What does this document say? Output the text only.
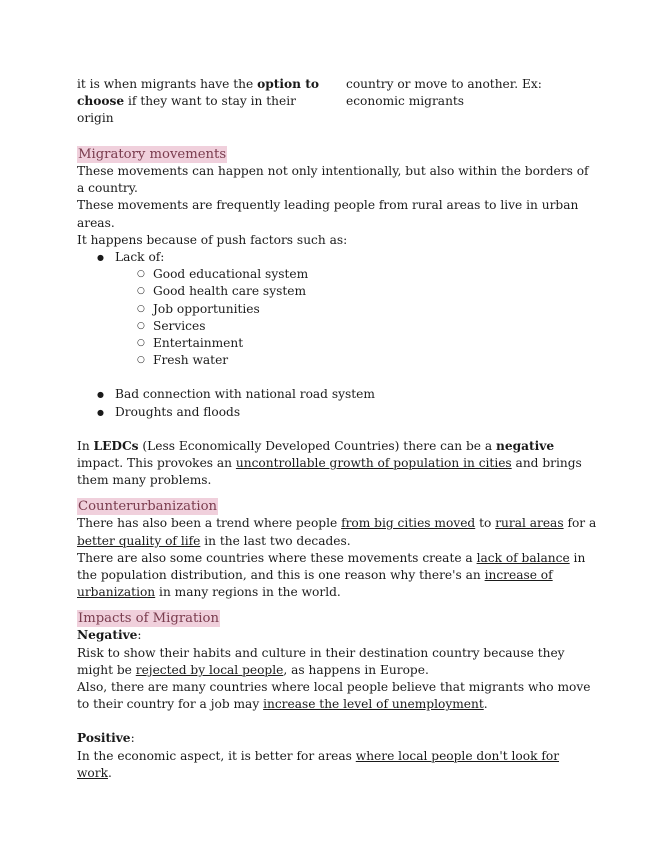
it is when migrants have the option to choose if they want to stay in their origin
country or move to another. Ex: economic migrants
Migratory movements
These movements can happen not only intentionally, but also within the borders of a country.
These movements are frequently leading people from rural areas to live in urban areas.
It happens because of push factors such as:
● Lack of:
○ Good educational system
○ Good health care system
○ Job opportunities
○ Services
○ Entertainment
○ Fresh water
● Bad connection with national road system
● Droughts and floods
In LEDCs (Less Economically Developed Countries) there can be a negative impact. This provokes an uncontrollable growth of population in cities and brings them many problems.
Counterurbanization
There has also been a trend where people from big cities moved to rural areas for a better quality of life in the last two decades.
There are also some countries where these movements create a lack of balance in the population distribution, and this is one reason why there's an increase of urbanization in many regions in the world.
Impacts of Migration
Negative:
Risk to show their habits and culture in their destination country because they might be rejected by local people, as happens in Europe.
Also, there are many countries where local people believe that migrants who move to their country for a job may increase the level of unemployment.
Positive:
In the economic aspect, it is better for areas where local people don't look for work.
